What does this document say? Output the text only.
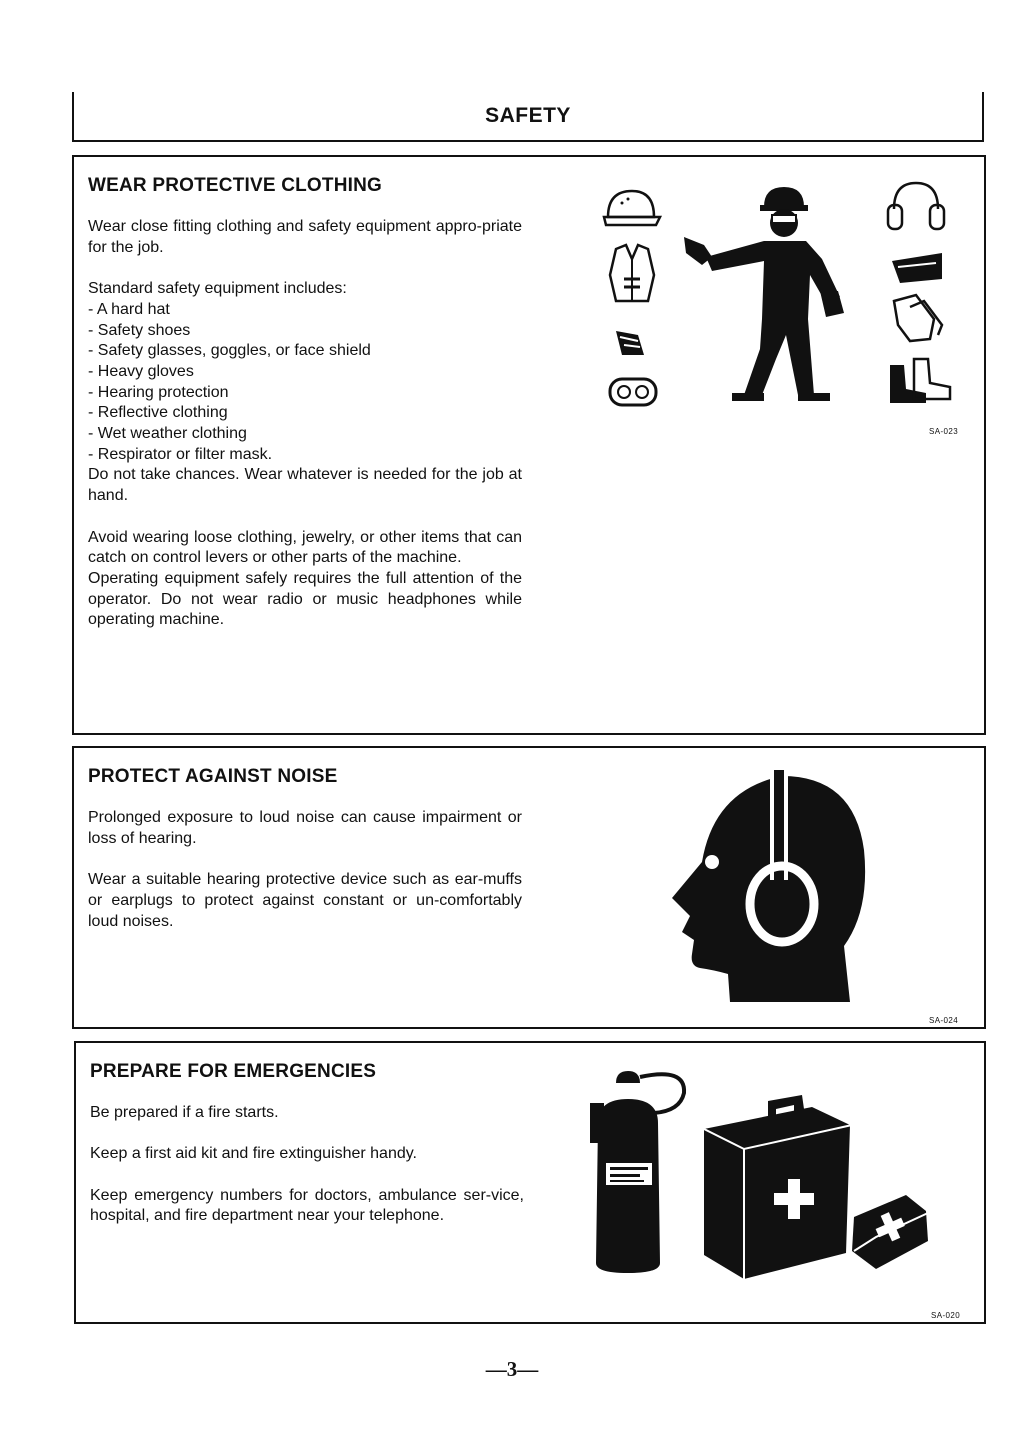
SAFETY
WEAR PROTECTIVE CLOTHING

Wear close fitting clothing and safety equipment appro-priate for the job.

Standard safety equipment includes:
- A hard hat
- Safety shoes
- Safety glasses, goggles, or face shield
- Heavy gloves
- Hearing protection
- Reflective clothing
- Wet weather clothing
- Respirator or filter mask.

Do not take chances. Wear whatever is needed for the job at hand.

Avoid wearing loose clothing, jewelry, or other items that can catch on control levers or other parts of the machine.

Operating equipment safely requires the full attention of the operator. Do not wear radio or music headphones while operating machine.

SA-023
PROTECT AGAINST NOISE

Prolonged exposure to loud noise can cause impairment or loss of hearing.

Wear a suitable hearing protective device such as ear-muffs or earplugs to protect against constant or un-comfortably loud noises.

SA-024
PREPARE FOR EMERGENCIES

Be prepared if a fire starts.

Keep a first aid kit and fire extinguisher handy.

Keep emergency numbers for doctors, ambulance ser-vice, hospital, and fire department near your telephone.

SA-020
—3—
